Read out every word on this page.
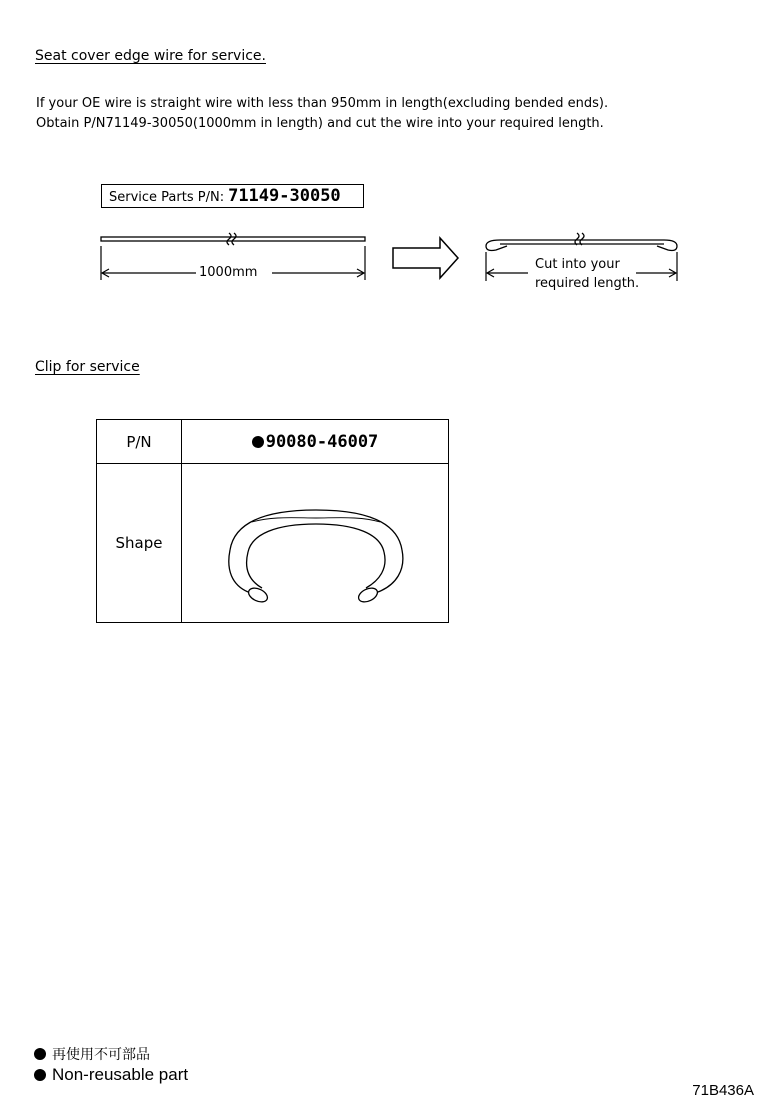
Seat cover edge wire for service.
If your OE wire is straight wire with less than 950mm in length(excluding bended ends).
Obtain P/N71149-30050(1000mm in length) and cut the wire into your required length.
Service Parts P/N: 71149-30050
1000mm
Cut into your
required length.
Clip for service
P/N	90080-46007
Shape	
再使用不可部品
Non-reusable part
71B436A
